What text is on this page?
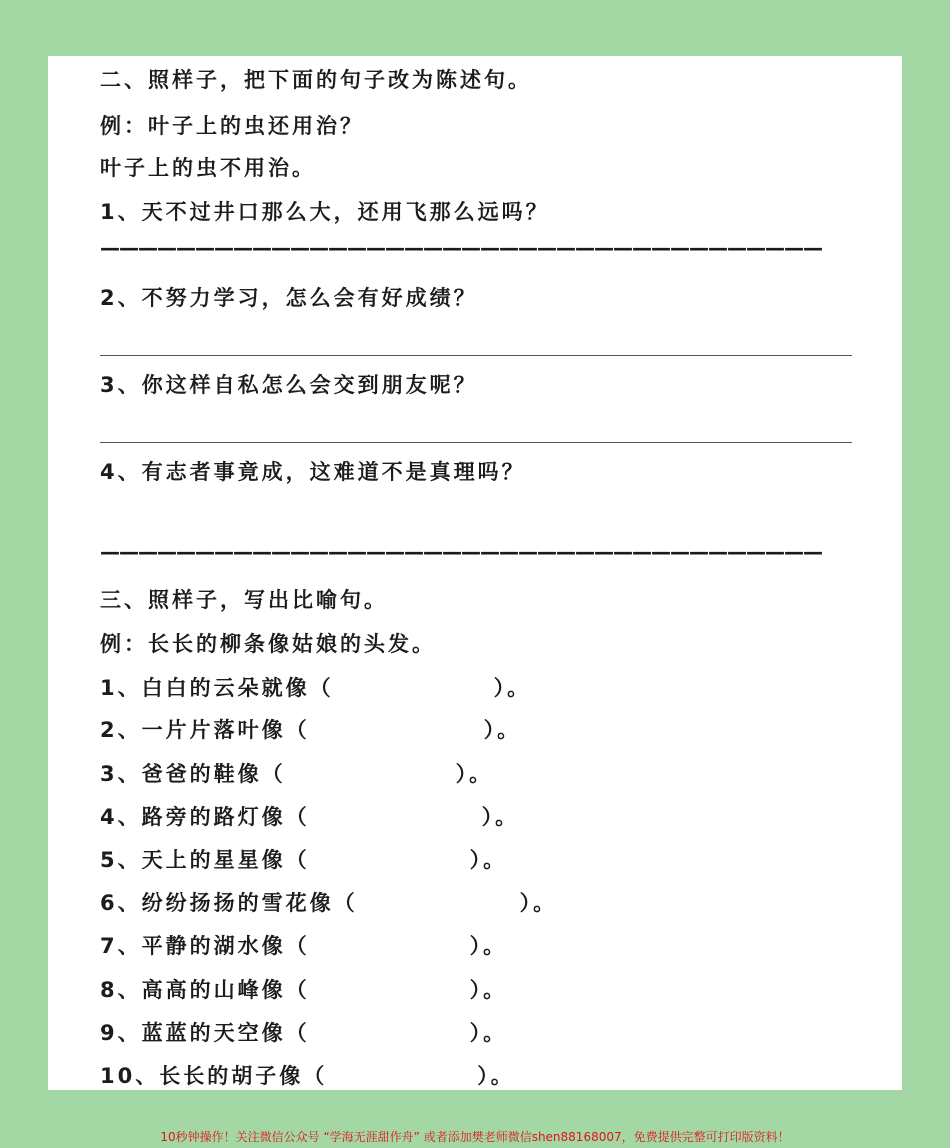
二、照样子，把下面的句子改为陈述句。
例：叶子上的虫还用治？
叶子上的虫不用治。
1、天不过井口那么大，还用飞那么远吗？
——————————————————————————————————————
2、不努力学习，怎么会有好成绩？
3、你这样自私怎么会交到朋友呢？
4、有志者事竟成，这难道不是真理吗？
——————————————————————————————————————
三、照样子，写出比喻句。
例：长长的柳条像姑娘的头发。
1、白白的云朵就像（	）。
2、一片片落叶像（	）。
3、爸爸的鞋像（	）。
4、路旁的路灯像（	）。
5、天上的星星像（	）。
6、纷纷扬扬的雪花像（	）。
7、平静的湖水像（	）。
8、高高的山峰像（	）。
9、蓝蓝的天空像（	）。
10、长长的胡子像（	）。
10秒钟操作！关注微信公众号 “学海无涯甜作舟” 或者添加樊老师微信shen88168007，免费提供完整可打印版资料！
